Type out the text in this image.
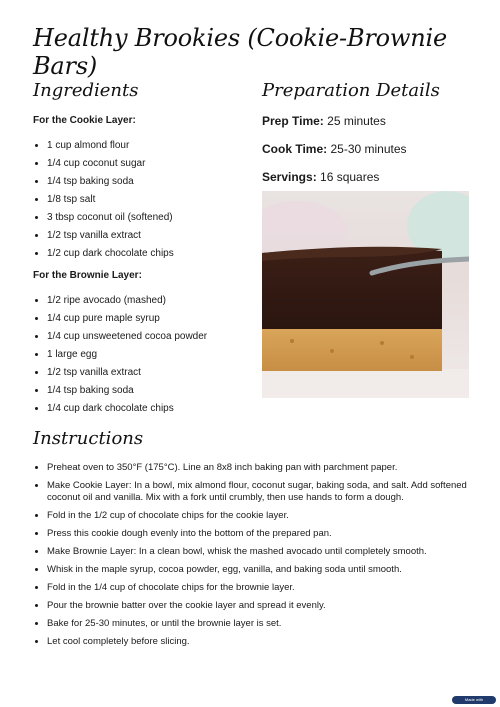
Healthy Brookies (Cookie-Brownie Bars)
Ingredients

For the Cookie Layer:

• 1 cup almond flour
• 1/4 cup coconut sugar
• 1/4 tsp baking soda
• 1/8 tsp salt
• 3 tbsp coconut oil (softened)
• 1/2 tsp vanilla extract
• 1/2 cup dark chocolate chips

For the Brownie Layer:

• 1/2 ripe avocado (mashed)
• 1/4 cup pure maple syrup
• 1/4 cup unsweetened cocoa powder
• 1 large egg
• 1/2 tsp vanilla extract
• 1/4 tsp baking soda
• 1/4 cup dark chocolate chips
Preparation Details

Prep Time: 25 minutes

Cook Time: 25-30 minutes

Servings: 16 squares

Instructions
• Preheat oven to 350°F (175°C). Line an 8x8 inch baking pan with parchment paper.
• Make Cookie Layer: In a bowl, mix almond flour, coconut sugar, baking soda, and salt. Add softened coconut oil and vanilla. Mix with a fork until crumbly, then use hands to form a dough.
• Fold in the 1/2 cup of chocolate chips for the cookie layer.
• Press this cookie dough evenly into the bottom of the prepared pan.
• Make Brownie Layer: In a clean bowl, whisk the mashed avocado until completely smooth.
• Whisk in the maple syrup, cocoa powder, egg, vanilla, and baking soda until smooth.
• Fold in the 1/4 cup of chocolate chips for the brownie layer.
• Pour the brownie batter over the cookie layer and spread it evenly.
• Bake for 25-30 minutes, or until the brownie layer is set.
• Let cool completely before slicing.
Made with
